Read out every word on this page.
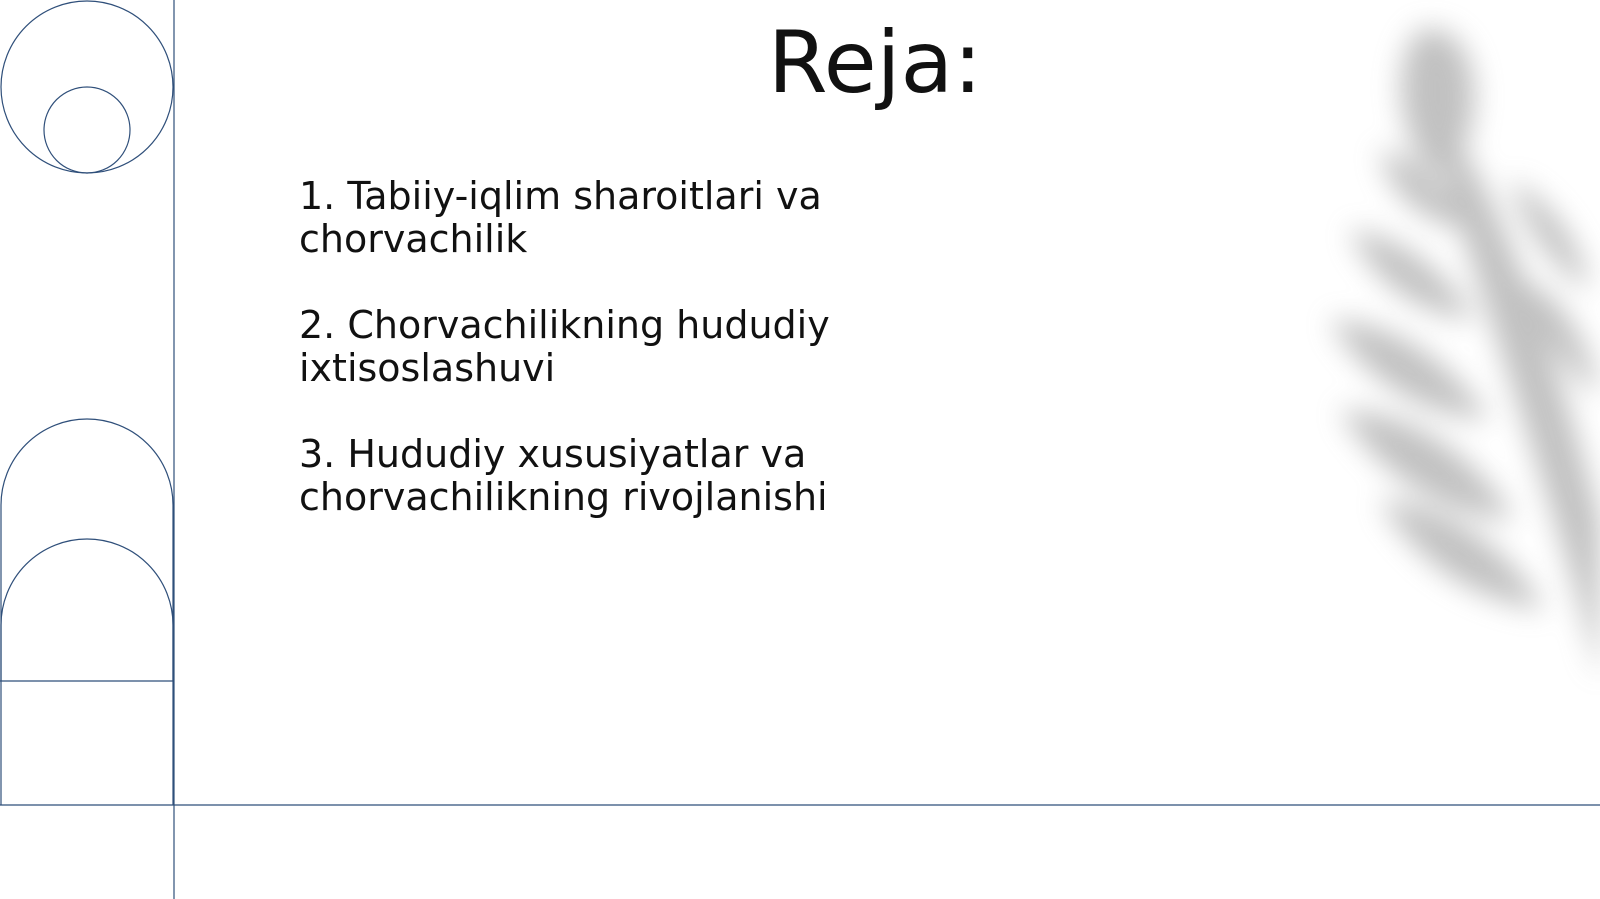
Reja:
1. Tabiiy-iqlim sharoitlari va chorvachilik
2. Chorvachilikning hududiy ixtisoslashuvi
3. Hududiy xususiyatlar va chorvachilikning rivojlanishi
